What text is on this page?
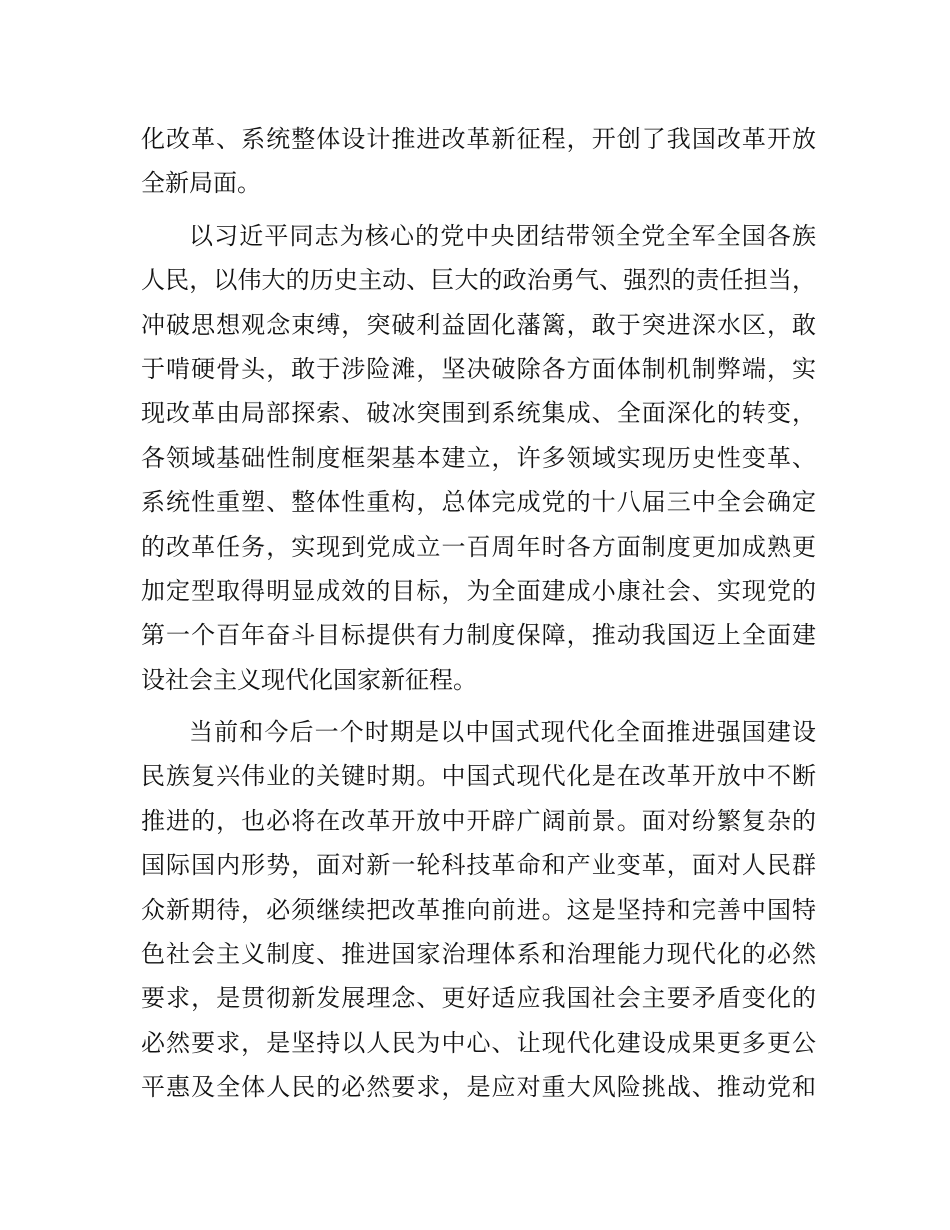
化改革、系统整体设计推进改革新征程，开创了我国改革开放
全新局面。
以习近平同志为核心的党中央团结带领全党全军全国各族
人民，以伟大的历史主动、巨大的政治勇气、强烈的责任担当，
冲破思想观念束缚，突破利益固化藩篱，敢于突进深水区，敢
于啃硬骨头，敢于涉险滩，坚决破除各方面体制机制弊端，实
现改革由局部探索、破冰突围到系统集成、全面深化的转变，
各领域基础性制度框架基本建立，许多领域实现历史性变革、
系统性重塑、整体性重构，总体完成党的十八届三中全会确定
的改革任务，实现到党成立一百周年时各方面制度更加成熟更
加定型取得明显成效的目标，为全面建成小康社会、实现党的
第一个百年奋斗目标提供有力制度保障，推动我国迈上全面建
设社会主义现代化国家新征程。
当前和今后一个时期是以中国式现代化全面推进强国建设
民族复兴伟业的关键时期。中国式现代化是在改革开放中不断
推进的，也必将在改革开放中开辟广阔前景。面对纷繁复杂的
国际国内形势，面对新一轮科技革命和产业变革，面对人民群
众新期待，必须继续把改革推向前进。这是坚持和完善中国特
色社会主义制度、推进国家治理体系和治理能力现代化的必然
要求，是贯彻新发展理念、更好适应我国社会主要矛盾变化的
必然要求，是坚持以人民为中心、让现代化建设成果更多更公
平惠及全体人民的必然要求，是应对重大风险挑战、推动党和
